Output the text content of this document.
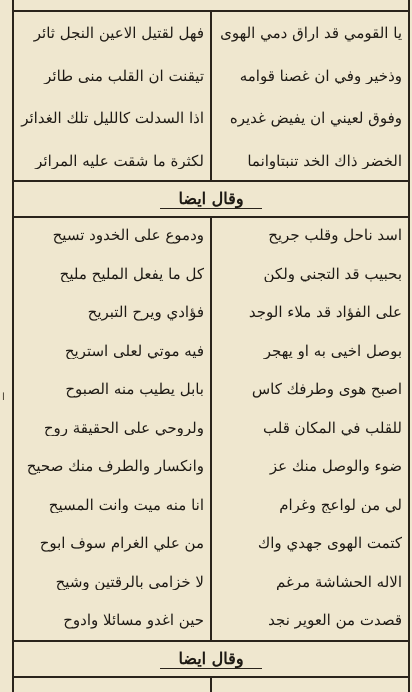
يا القومي قد اراق دمي الهوى
وذخير وفي ان غصنا قوامه
وفوق لعيني ان يفيض غديره
الخضر ذاك الخد تنبتاوانما
فهل لقتيل الاعين النجل ثائر
تيقنت ان القلب منى طائر
اذا السدلت كالليل تلك الغدائر
لكثرة ما شقت عليه المرائر
وقال ايضا
اسد ناحل وقلب جريح
بحبيب قد التجني ولكن
على الفؤاد قد ملاء الوجد
بوصل اخيى به او يهجر
اصبح هوى وطرفك كاس
للقلب في المكان قلب
ضوء والوصل منك عز
لي من لواعج وغرام
كتمت الهوى جهدي واك
الاله الحشاشة مرغم
قصدت من العوير نجد
ودموع على الخدود تسيح
كل ما يفعل المليح مليح
فؤادي ويرح التبريح
فيه موتي لعلى استريح
بابل يطيب منه الصبوح
ولروحي على الحقيقة روح
وانكسار والطرف منك صحيح
انا منه ميت وانت المسيح
من علي الغرام سوف ابوح
لا خزامى بالرقتين وشيح
حين اغدو مسائلا وادوح
وقال ايضا
ا
